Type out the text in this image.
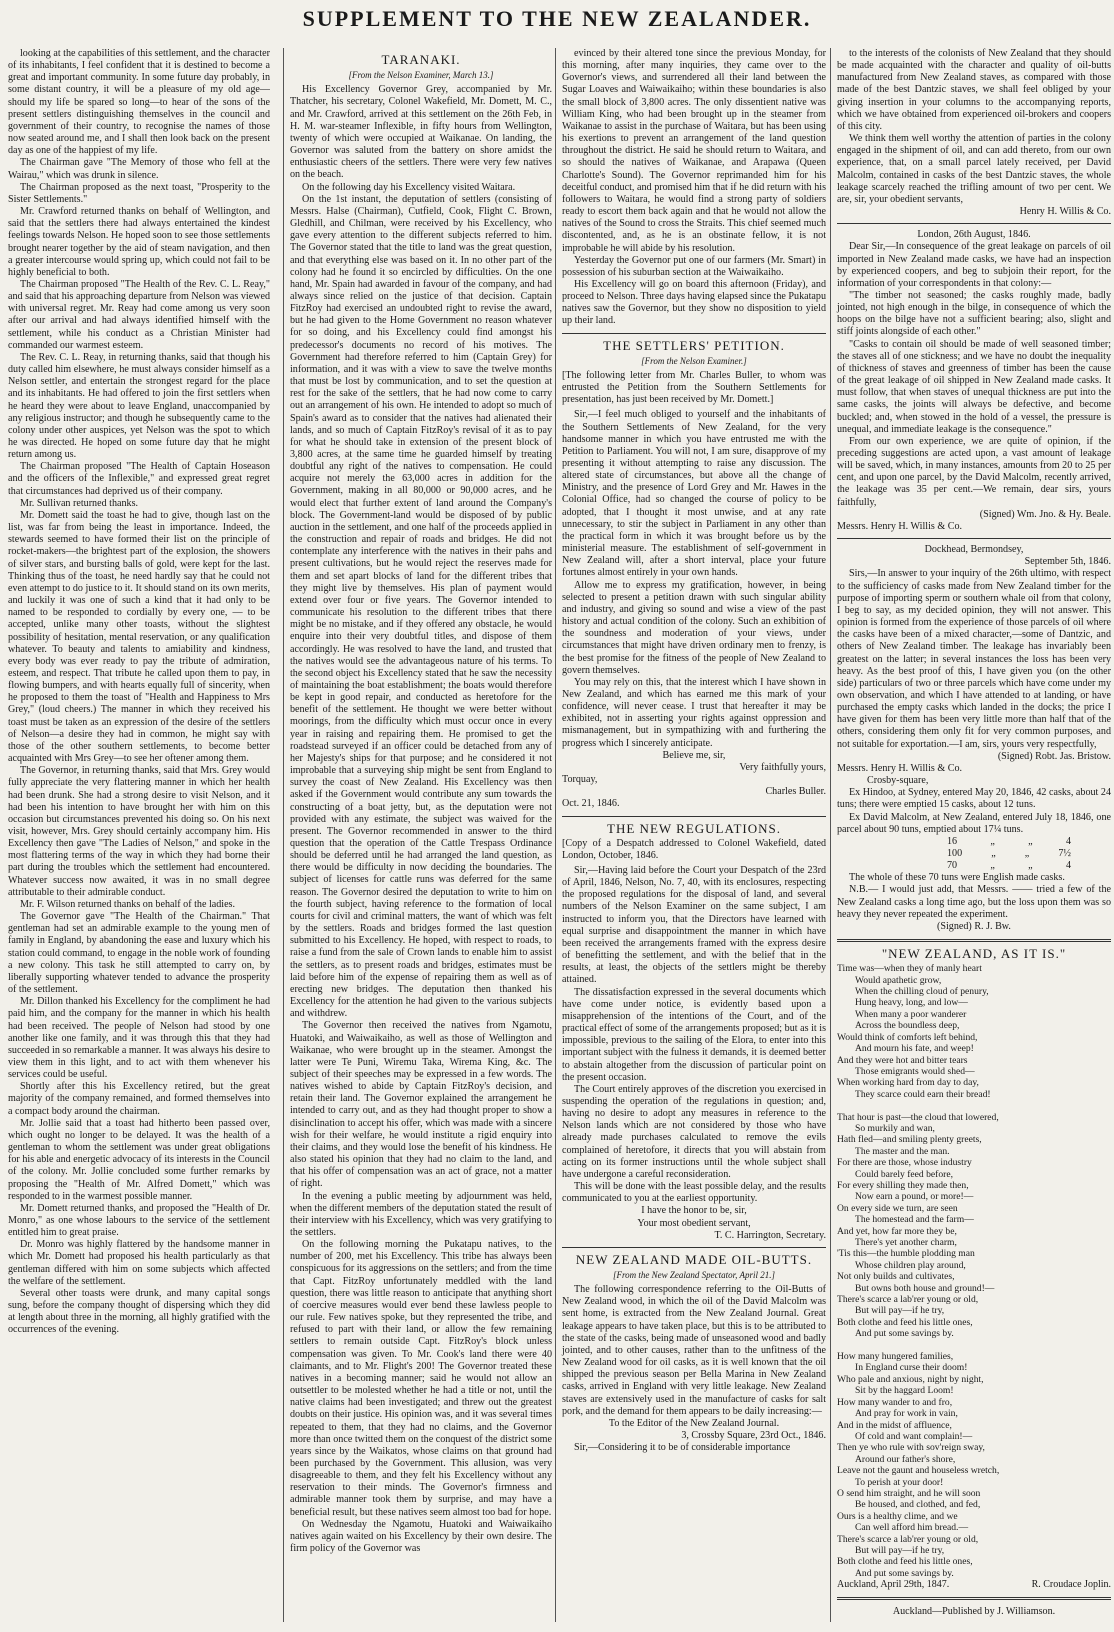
SUPPLEMENT TO THE NEW ZEALANDER.

looking at the capabilities of this settlement, and the character of its inhabitants, I feel confident that it is destined to become a great and important community. In some future day probably, in some distant country, it will be a pleasure of my old age—should my life be spared so long—to hear of the sons of the present settlers distinguishing themselves in the council and government of their country, to recognise the names of those now seated around me, and I shall then look back on the present day as one of the happiest of my life.

The Chairman gave "The Memory of those who fell at the Wairau," which was drunk in silence.

The Chairman proposed as the next toast, "Prosperity to the Sister Settlements."

Mr. Crawford returned thanks on behalf of Wellington, and said that the settlers there had always entertained the kindest feelings towards Nelson. He hoped soon to see those settlements brought nearer together by the aid of steam navigation, and then a greater intercourse would spring up, which could not fail to be highly beneficial to both.

The Chairman proposed "The Health of the Rev. C. L. Reay," and said that his approaching departure from Nelson was viewed with universal regret. Mr. Reay had come among us very soon after our arrival and had always identified himself with the settlement, while his conduct as a Christian Minister had commanded our warmest esteem.

The Rev. C. L. Reay, in returning thanks, said that though his duty called him elsewhere, he must always consider himself as a Nelson settler, and entertain the strongest regard for the place and its inhabitants. He had offered to join the first settlers when he heard they were about to leave England, unaccompanied by any religious instructor; and though he subsequently came to the colony under other auspices, yet Nelson was the spot to which he was directed. He hoped on some future day that he might return among us.

The Chairman proposed "The Health of Captain Hoseason and the officers of the Inflexible," and expressed great regret that circumstances had deprived us of their company.

Mr. Sullivan returned thanks.

Mr. Domett said the toast he had to give, though last on the list, was far from being the least in importance. Indeed, the stewards seemed to have formed their list on the principle of rocket-makers—the brightest part of the explosion, the showers of silver stars, and bursting balls of gold, were kept for the last. Thinking thus of the toast, he need hardly say that he could not even attempt to do justice to it. It should stand on its own merits, and luckily it was one of such a kind that it had only to be named to be responded to cordially by every one, — to be accepted, unlike many other toasts, without the slightest possibility of hesitation, mental reservation, or any qualification whatever. To beauty and talents to amiability and kindness, every body was ever ready to pay the tribute of admiration, esteem, and respect. That tribute he called upon them to pay, in flowing bumpers, and with hearts equally full of sincerity, when he proposed to them the toast of "Health and Happiness to Mrs Grey," (loud cheers.) The manner in which they received his toast must be taken as an expression of the desire of the settlers of Nelson—a desire they had in common, he might say with those of the other southern settlements, to become better acquainted with Mrs Grey—to see her oftener among them.

The Governor, in returning thanks, said that Mrs. Grey would fully appreciate the very flattering manner in which her health had been drunk. She had a strong desire to visit Nelson, and it had been his intention to have brought her with him on this occasion but circumstances prevented his doing so. On his next visit, however, Mrs. Grey should certainly accompany him. His Excellency then gave "The Ladies of Nelson," and spoke in the most flattering terms of the way in which they had borne their part during the troubles which the settlement had encountered. Whatever success now awaited, it was in no small degree attributable to their admirable conduct.

Mr. F. Wilson returned thanks on behalf of the ladies.

The Governor gave "The Health of the Chairman." That gentleman had set an admirable example to the young men of family in England, by abandoning the ease and luxury which his station could command, to engage in the noble work of founding a new colony. This task he still attempted to carry on, by liberally supporting whatever tended to advance the prosperity of the settlement.

Mr. Dillon thanked his Excellency for the compliment he had paid him, and the company for the manner in which his health had been received. The people of Nelson had stood by one another like one family, and it was through this that they had succeeded in so remarkable a manner. It was always his desire to view them in this light, and to act with them whenever his services could be useful.

Shortly after this his Excellency retired, but the great majority of the company remained, and formed themselves into a compact body around the chairman.

Mr. Jollie said that a toast had hitherto been passed over, which ought no longer to be delayed. It was the health of a gentleman to whom the settlement was under great obligations for his able and energetic advocacy of its interests in the Council of the colony. Mr. Jollie concluded some further remarks by proposing the "Health of Mr. Alfred Domett," which was responded to in the warmest possible manner.

Mr. Domett returned thanks, and proposed the "Health of Dr. Monro," as one whose labours to the service of the settlement entitled him to great praise.

Dr. Monro was highly flattered by the handsome manner in which Mr. Domett had proposed his health particularly as that gentleman differed with him on some subjects which affected the welfare of the settlement.

Several other toasts were drunk, and many capital songs sung, before the company thought of dispersing which they did at length about three in the morning, all highly gratified with the occurrences of the evening.

TARANAKI.
[From the Nelson Examiner, March 13.]

His Excellency Governor Grey, accompanied by Mr. Thatcher, his secretary, Colonel Wakefield, Mr. Domett, M. C., and Mr. Crawford, arrived at this settlement on the 26th Feb, in H. M. war-steamer Inflexible, in fifty hours from Wellington, twenty of which were occupied at Waikanae. On landing, the Governor was saluted from the battery on shore amidst the enthusiastic cheers of the settlers. There were very few natives on the beach.

On the following day his Excellency visited Waitara.

On the 1st instant, the deputation of settlers (consisting of Messrs. Halse (Chairman), Cutfield, Cook, Flight C. Brown, Gledhill, and Chilman, were received by his Excellency, who gave every attention to the different subjects referred to him. The Governor stated that the title to land was the great question, and that everything else was based on it. In no other part of the colony had he found it so encircled by difficulties. On the one hand, Mr. Spain had awarded in favour of the company, and had always since relied on the justice of that decision. Captain FitzRoy had exercised an undoubted right to revise the award, but he had given to the Home Government no reason whatever for so doing, and his Excellency could find amongst his predecessor's documents no record of his motives. The Government had therefore referred to him (Captain Grey) for information, and it was with a view to save the twelve months that must be lost by communication, and to set the question at rest for the sake of the settlers, that he had now come to carry out an arrangement of his own. He intended to adopt so much of Spain's award as to consider that the natives had alienated their lands, and so much of Captain FitzRoy's revisal of it as to pay for what he should take in extension of the present block of 3,800 acres, at the same time he guarded himself by treating doubtful any right of the natives to compensation. He could acquire not merely the 63,000 acres in addition for the Government, making in all 80,000 or 90,000 acres, and he would elect that further extent of land around the Company's block. The Government-land would be disposed of by public auction in the settlement, and one half of the proceeds applied in the construction and repair of roads and bridges. He did not contemplate any interference with the natives in their pahs and present cultivations, but he would reject the reserves made for them and set apart blocks of land for the different tribes that they might live by themselves. His plan of payment would extend over four or five years. The Governor intended to communicate his resolution to the different tribes that there might be no mistake, and if they offered any obstacle, he would enquire into their very doubtful titles, and dispose of them accordingly. He was resolved to have the land, and trusted that the natives would see the advantageous nature of his terms. To the second object his Excellency stated that he saw the necessity of maintaining the boat establishment; the boats would therefore be kept in good repair, and conducted as heretofore for the benefit of the settlement. He thought we were better without moorings, from the difficulty which must occur once in every year in raising and repairing them. He promised to get the roadstead surveyed if an officer could be detached from any of her Majesty's ships for that purpose; and he considered it not improbable that a surveying ship might be sent from England to survey the coast of New Zealand. His Excellency was then asked if the Government would contribute any sum towards the constructing of a boat jetty, but, as the deputation were not provided with any estimate, the subject was waived for the present. The Governor recommended in answer to the third question that the operation of the Cattle Trespass Ordinance should be deferred until he had arranged the land question, as there would be difficulty in now deciding the boundaries. The subject of licenses for cattle runs was deferred for the same reason. The Governor desired the deputation to write to him on the fourth subject, having reference to the formation of local courts for civil and criminal matters, the want of which was felt by the settlers. Roads and bridges formed the last question submitted to his Excellency. He hoped, with respect to roads, to raise a fund from the sale of Crown lands to enable him to assist the settlers, as to present roads and bridges, estimates must be laid before him of the expense of repairing them as well as of erecting new bridges. The deputation then thanked his Excellency for the attention he had given to the various subjects and withdrew.

The Governor then received the natives from Ngamotu, Huatoki, and Waiwaikaiho, as well as those of Wellington and Waikanae, who were brought up in the steamer. Amongst the latter were Te Puni, Wiremu Taka, Wirema King, &c. The subject of their speeches may be expressed in a few words. The natives wished to abide by Captain FitzRoy's decision, and retain their land. The Governor explained the arrangement he intended to carry out, and as they had thought proper to show a disinclination to accept his offer, which was made with a sincere wish for their welfare, he would institute a rigid enquiry into their claims, and they would lose the benefit of his kindness. He also stated his opinion that they had no claim to the land, and that his offer of compensation was an act of grace, not a matter of right.

In the evening a public meeting by adjournment was held, when the different members of the deputation stated the result of their interview with his Excellency, which was very gratifying to the settlers.

On the following morning the Pukatapu natives, to the number of 200, met his Excellency. This tribe has always been conspicuous for its aggressions on the settlers; and from the time that Capt. FitzRoy unfortunately meddled with the land question, there was little reason to anticipate that anything short of coercive measures would ever bend these lawless people to our rule. Few natives spoke, but they represented the tribe, and refused to part with their land, or allow the few remaining settlers to remain outside Capt. FitzRoy's block unless compensation was given. To Mr. Cook's land there were 40 claimants, and to Mr. Flight's 200! The Governor treated these natives in a becoming manner; said he would not allow an outsettler to be molested whether he had a title or not, until the native claims had been investigated; and threw out the greatest doubts on their justice. His opinion was, and it was several times repeated to them, that they had no claims, and the Governor more than once twitted them on the conquest of the district some years since by the Waikatos, whose claims on that ground had been purchased by the Government. This allusion, was very disagreeable to them, and they felt his Excellency without any reservation to their minds. The Governor's firmness and admirable manner took them by surprise, and may have a beneficial result, but these natives seem almost too bad for hope.

On Wednesday the Ngamotu, Huatoki and Waiwaikaiho natives again waited on his Excellency by their own desire. The firm policy of the Governor was

evinced by their altered tone since the previous Monday, for this morning, after many inquiries, they came over to the Governor's views, and surrendered all their land between the Sugar Loaves and Waiwaikaiho; within these boundaries is also the small block of 3,800 acres. The only dissentient native was William King, who had been brought up in the steamer from Waikanae to assist in the purchase of Waitara, but has been using his exertions to prevent an arrangement of the land question throughout the district. He said he should return to Waitara, and so should the natives of Waikanae, and Arapawa (Queen Charlotte's Sound). The Governor reprimanded him for his deceitful conduct, and promised him that if he did return with his followers to Waitara, he would find a strong party of soldiers ready to escort them back again and that he would not allow the natives of the Sound to cross the Straits. This chief seemed much discontented, and, as he is an obstinate fellow, it is not improbable he will abide by his resolution.

Yesterday the Governor put one of our farmers (Mr. Smart) in possession of his suburban section at the Waiwaikaiho.

His Excellency will go on board this afternoon (Friday), and proceed to Nelson. Three days having elapsed since the Pukatapu natives saw the Governor, but they show no disposition to yield up their land.

THE SETTLERS' PETITION.
[From the Nelson Examiner.]

[The following letter from Mr. Charles Buller, to whom was entrusted the Petition from the Southern Settlements for presentation, has just been received by Mr. Domett.]

Sir,—I feel much obliged to yourself and the inhabitants of the Southern Settlements of New Zealand, for the very handsome manner in which you have entrusted me with the Petition to Parliament. You will not, I am sure, disapprove of my presenting it without attempting to raise any discussion. The altered state of circumstances, but above all the change of Ministry, and the presence of Lord Grey and Mr. Hawes in the Colonial Office, had so changed the course of policy to be adopted, that I thought it most unwise, and at any rate unnecessary, to stir the subject in Parliament in any other than the practical form in which it was brought before us by the ministerial measure. The establishment of self-government in New Zealand will, after a short interval, place your future fortunes almost entirely in your own hands.

Allow me to express my gratification, however, in being selected to present a petition drawn with such singular ability and industry, and giving so sound and wise a view of the past history and actual condition of the colony. Such an exhibition of the soundness and moderation of your views, under circumstances that might have driven ordinary men to frenzy, is the best promise for the fitness of the people of New Zealand to govern themselves.

You may rely on this, that the interest which I have shown in New Zealand, and which has earned me this mark of your confidence, will never cease. I trust that hereafter it may be exhibited, not in asserting your rights against oppression and mismanagement, but in sympathizing with and furthering the progress which I sincerely anticipate.

Believe me, sir,

Very faithfully yours,

Torquay,

Charles Buller.

Oct. 21, 1846.

THE NEW REGULATIONS.

[Copy of a Despatch addressed to Colonel Wakefield, dated London, October, 1846.

Sir,—Having laid before the Court your Despatch of the 23rd of April, 1846, Nelson, No. 7, 40, with its enclosures, respecting the proposed regulations for the disposal of land, and several numbers of the Nelson Examiner on the same subject, I am instructed to inform you, that the Directors have learned with equal surprise and disappointment the manner in which have been received the arrangements framed with the express desire of benefitting the settlement, and with the belief that in the results, at least, the objects of the settlers might be thereby attained.

The dissatisfaction expressed in the several documents which have come under notice, is evidently based upon a misapprehension of the intentions of the Court, and of the practical effect of some of the arrangements proposed; but as it is impossible, previous to the sailing of the Elora, to enter into this important subject with the fulness it demands, it is deemed better to abstain altogether from the discussion of particular point on the present occasion.

The Court entirely approves of the discretion you exercised in suspending the operation of the regulations in question; and, having no desire to adopt any measures in reference to the Nelson lands which are not considered by those who have already made purchases calculated to remove the evils complained of heretofore, it directs that you will abstain from acting on its former instructions until the whole subject shall have undergone a careful reconsideration.

This will be done with the least possible delay, and the results communicated to you at the earliest opportunity.

I have the honor to be, sir,

Your most obedient servant,

T. C. Harrington, Secretary.

NEW ZEALAND MADE OIL-BUTTS.
[From the New Zealand Spectator, April 21.]

The following correspondence referring to the Oil-Butts of New Zealand wood, in which the oil of the David Malcolm was sent home, is extracted from the New Zealand Journal. Great leakage appears to have taken place, but this is to be attributed to the state of the casks, being made of unseasoned wood and badly jointed, and to other causes, rather than to the unfitness of the New Zealand wood for oil casks, as it is well known that the oil shipped the previous season per Bella Marina in New Zealand casks, arrived in England with very little leakage. New Zealand staves are extensively used in the manufacture of casks for salt pork, and the demand for them appears to be daily increasing:—

To the Editor of the New Zealand Journal.

3, Crossby Square, 23rd Oct., 1846.

Sir,—Considering it to be of considerable importance

to the interests of the colonists of New Zealand that they should be made acquainted with the character and quality of oil-butts manufactured from New Zealand staves, as compared with those made of the best Dantzic staves, we shall feel obliged by your giving insertion in your columns to the accompanying reports, which we have obtained from experienced oil-brokers and coopers of this city.

We think them well worthy the attention of parties in the colony engaged in the shipment of oil, and can add thereto, from our own experience, that, on a small parcel lately received, per David Malcolm, contained in casks of the best Dantzic staves, the whole leakage scarcely reached the trifling amount of two per cent. We are, sir, your obedient servants,

Henry H. Willis & Co.

London, 26th August, 1846.

Dear Sir,—In consequence of the great leakage on parcels of oil imported in New Zealand made casks, we have had an inspection by experienced coopers, and beg to subjoin their report, for the information of your correspondents in that colony:—

"The timber not seasoned; the casks roughly made, badly jointed, not high enough in the bilge, in consequence of which the hoops on the bilge have not a sufficient bearing; also, slight and stiff joints alongside of each other."

"Casks to contain oil should be made of well seasoned timber; the staves all of one stickness; and we have no doubt the inequality of thickness of staves and greenness of timber has been the cause of the great leakage of oil shipped in New Zealand made casks. It must follow, that when staves of unequal thickness are put into the same casks, the joints will always be defective, and become buckled; and, when stowed in the hold of a vessel, the pressure is unequal, and immediate leakage is the consequence."

From our own experience, we are quite of opinion, if the preceding suggestions are acted upon, a vast amount of leakage will be saved, which, in many instances, amounts from 20 to 25 per cent, and upon one parcel, by the David Malcolm, recently arrived, the leakage was 35 per cent.—We remain, dear sirs, yours faithfully,

(Signed) Wm. Jno. & Hy. Beale.

Messrs. Henry H. Willis & Co.

Dockhead, Bermondsey,

September 5th, 1846.

Sirs,—In answer to your inquiry of the 26th ultimo, with respect to the sufficiency of casks made from New Zealand timber for the purpose of importing sperm or southern whale oil from that colony, I beg to say, as my decided opinion, they will not answer. This opinion is formed from the experience of those parcels of oil where the casks have been of a mixed character,—some of Dantzic, and others of New Zealand timber. The leakage has invariably been greatest on the latter; in several instances the loss has been very heavy. As the best proof of this, I have given you (on the other side) particulars of two or three parcels which have come under my own observation, and which I have attended to at landing, or have purchased the empty casks which landed in the docks; the price I have given for them has been very little more than half that of the others, considering them only fit for very common purposes, and not suitable for exportation.—I am, sirs, yours very respectfully,

(Signed) Robt. Jas. Bristow.

Messrs. Henry H. Willis & Co.

Crosby-square,

Ex Hindoo, at Sydney, entered May 20, 1846, 42 casks, about 24 tuns; there were emptied 15 casks, about 12 tuns.

Ex David Malcolm, at New Zealand, entered July 18, 1846, one parcel about 90 tuns, emptied about 17¼ tuns.

16	„	„	4
100	„	„	7½
70	„	„	4

The whole of these 70 tuns were English made casks.

N.B.— I would just add, that Messrs. —— tried a few of the New Zealand casks a long time ago, but the loss upon them was so heavy they never repeated the experiment.

(Signed) R. J. Bw.

"NEW ZEALAND, AS IT IS."
Time was—when they of manly heart
Would apathetic grow,
When the chilling cloud of penury,
Hung heavy, long, and low—
When many a poor wanderer
Across the boundless deep,
Would think of comforts left behind,
And mourn his fate, and weep!
And they were hot and bitter tears
Those emigrants would shed—
When working hard from day to day,
They scarce could earn their bread!

That hour is past—the cloud that lowered,
So murkily and wan,
Hath fled—and smiling plenty greets,
The master and the man.
For there are those, whose industry
Could barely feed before,
For every shilling they made then,
Now earn a pound, or more!—
On every side we turn, are seen
The homestead and the farm—
And yet, how far more they be,
There's yet another charm,
'Tis this—the humble plodding man
Whose children play around,
Not only builds and cultivates,
But owns both house and ground!—
There's scarce a lab'rer young or old,
But will pay—if he try,
Both clothe and feed his little ones,
And put some savings by.

How many hungered families,
In England curse their doom!
Who pale and anxious, night by night,
Sit by the haggard Loom!
How many wander to and fro,
And pray for work in vain,
And in the midst of affluence,
Of cold and want complain!—
Then ye who rule with sov'reign sway,
Around our father's shore,
Leave not the gaunt and houseless wretch,
To perish at your door!
O send him straight, and he will soon
Be housed, and clothed, and fed,
Ours is a healthy clime, and we
Can well afford him bread.—
There's scarce a lab'rer young or old,
But will pay—if he try,
Both clothe and feed his little ones,
And put some savings by.
Auckland, April 29th, 1847.	R. Croudace Joplin.

Auckland—Published by J. Williamson.
